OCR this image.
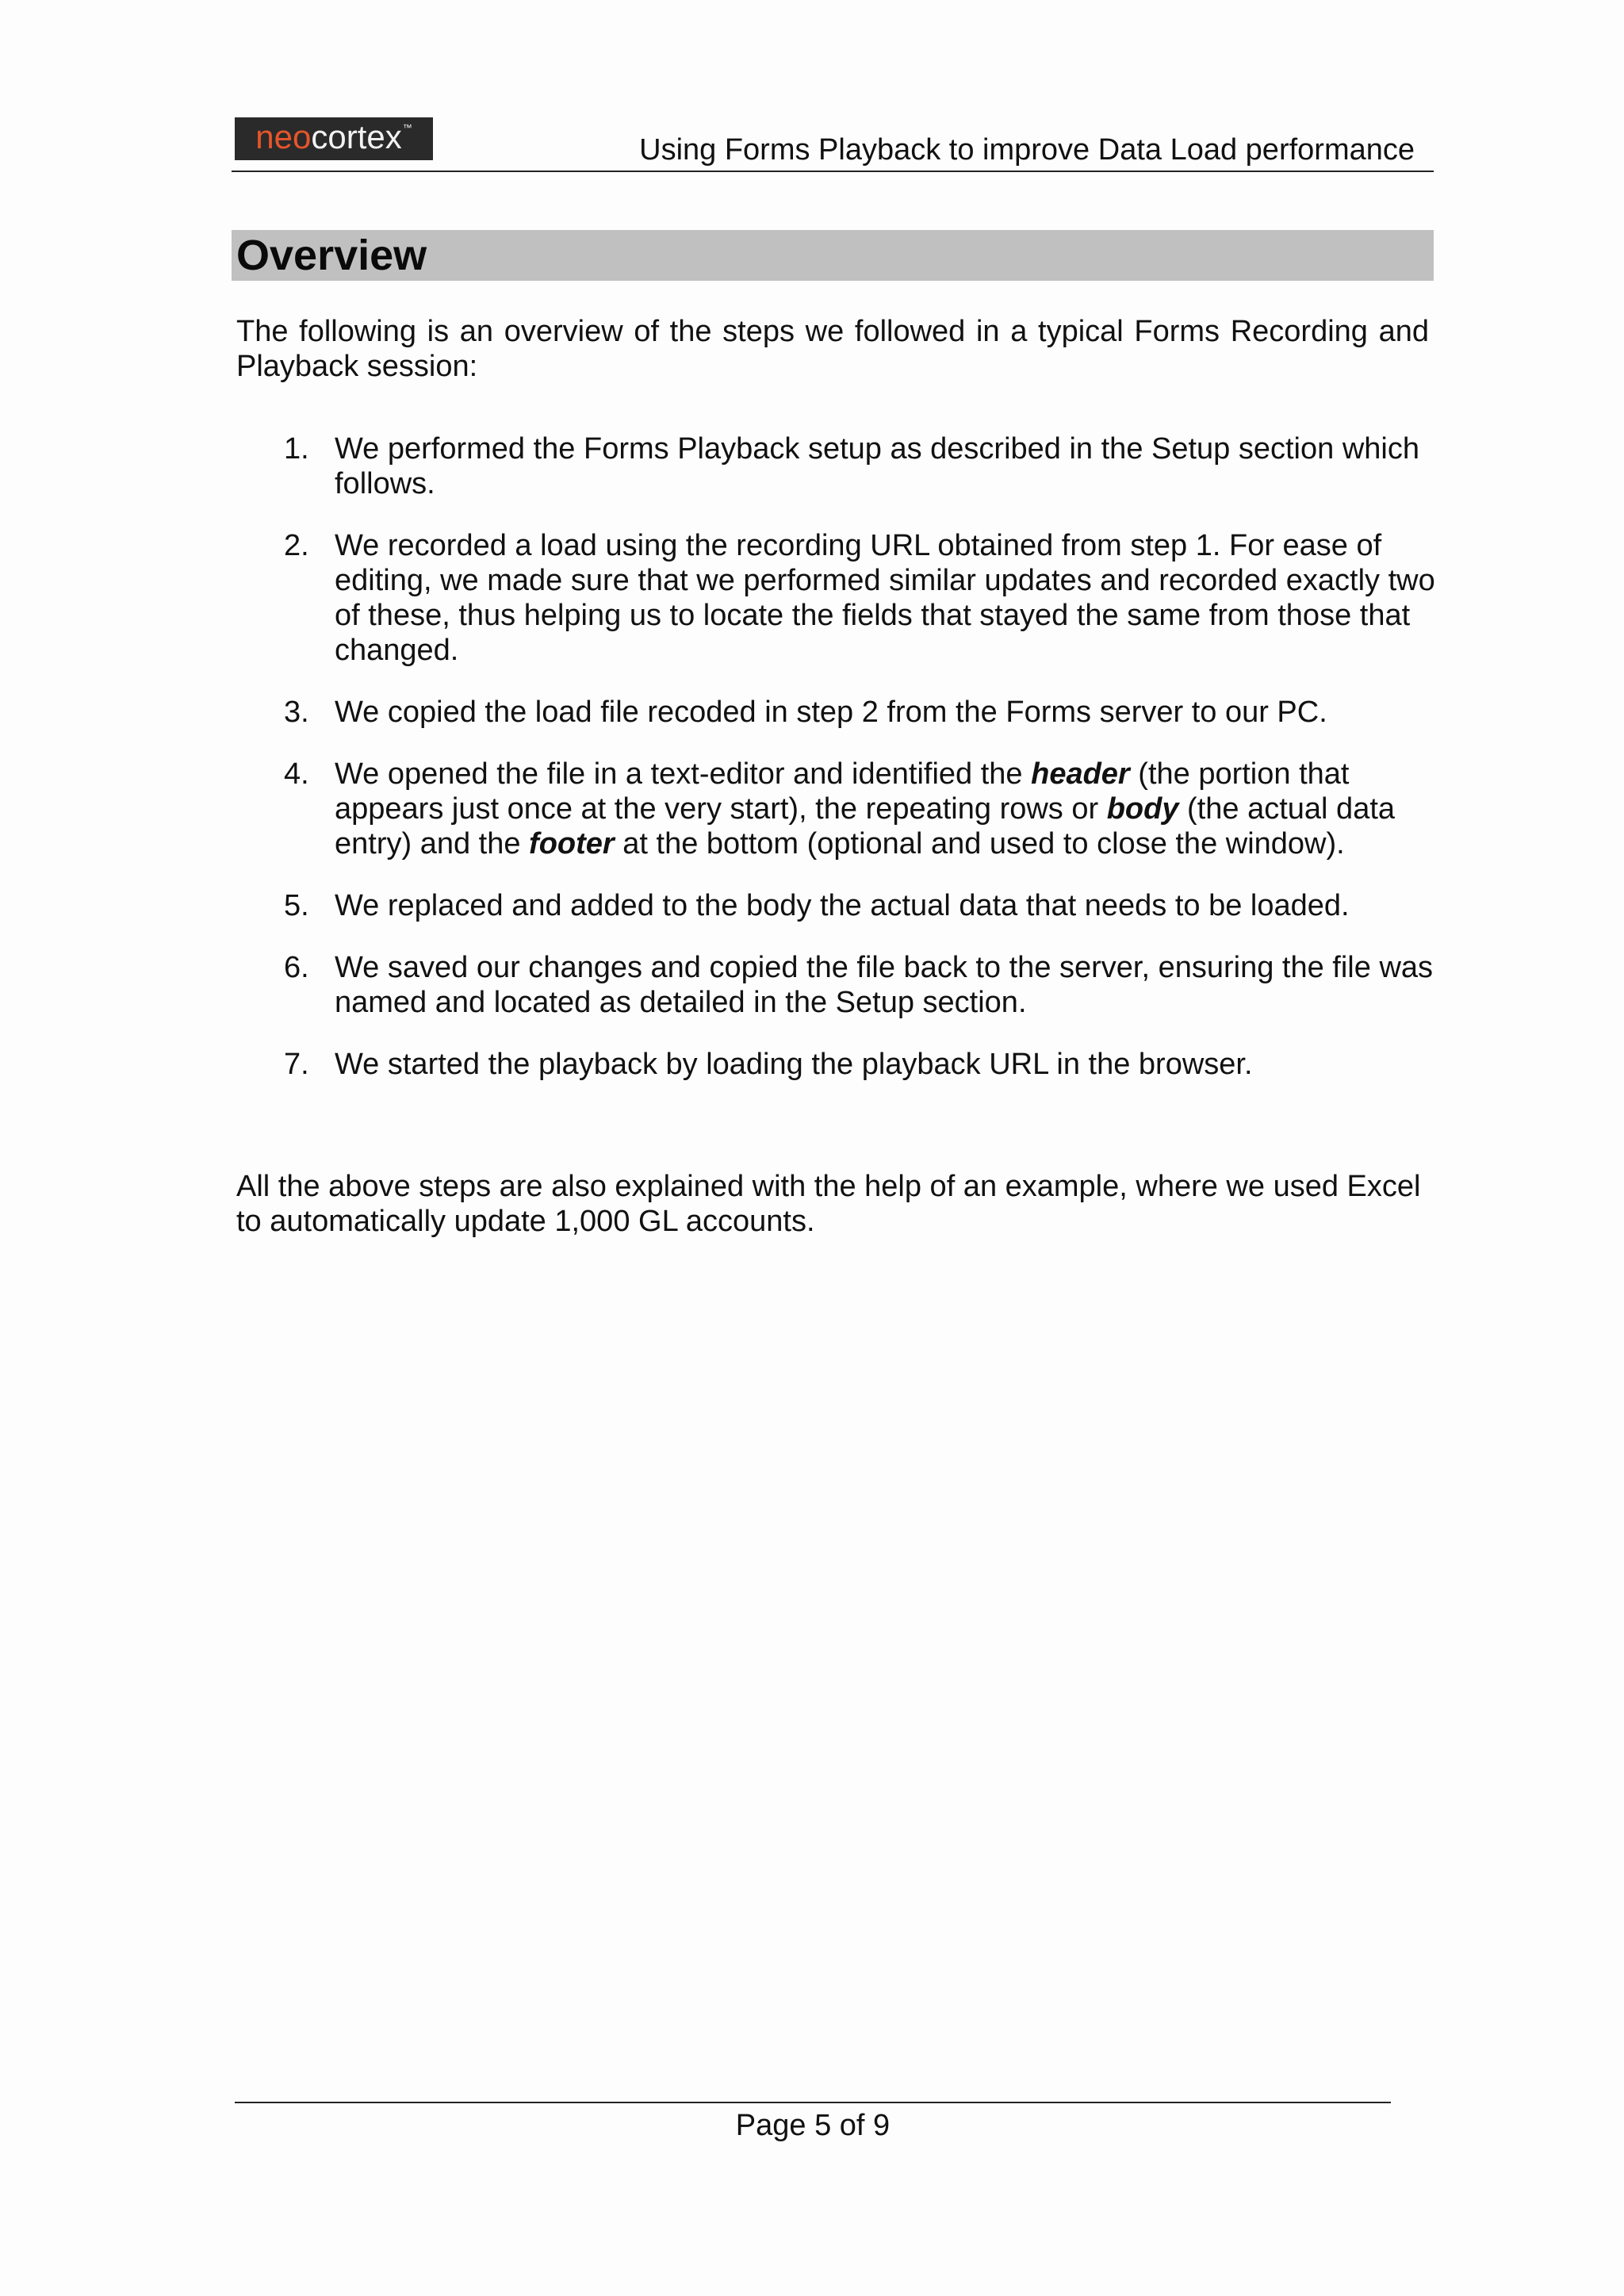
neo cortex ™
Using Forms Playback to improve Data Load performance
Overview
The following is an overview of the steps we followed in a typical Forms Recording and Playback session:
1. We performed the Forms Playback setup as described in the Setup section which follows.
2. We recorded a load using the recording URL obtained from step 1. For ease of editing, we made sure that we performed similar updates and recorded exactly two of these, thus helping us to locate the fields that stayed the same from those that changed.
3. We copied the load file recoded in step 2 from the Forms server to our PC.
4. We opened the file in a text-editor and identified the header (the portion that appears just once at the very start), the repeating rows or body (the actual data entry) and the footer at the bottom (optional and used to close the window).
5. We replaced and added to the body the actual data that needs to be loaded.
6. We saved our changes and copied the file back to the server, ensuring the file was named and located as detailed in the Setup section.
7. We started the playback by loading the playback URL in the browser.
All the above steps are also explained with the help of an example, where we used Excel to automatically update 1,000 GL accounts.
Page 5 of 9
